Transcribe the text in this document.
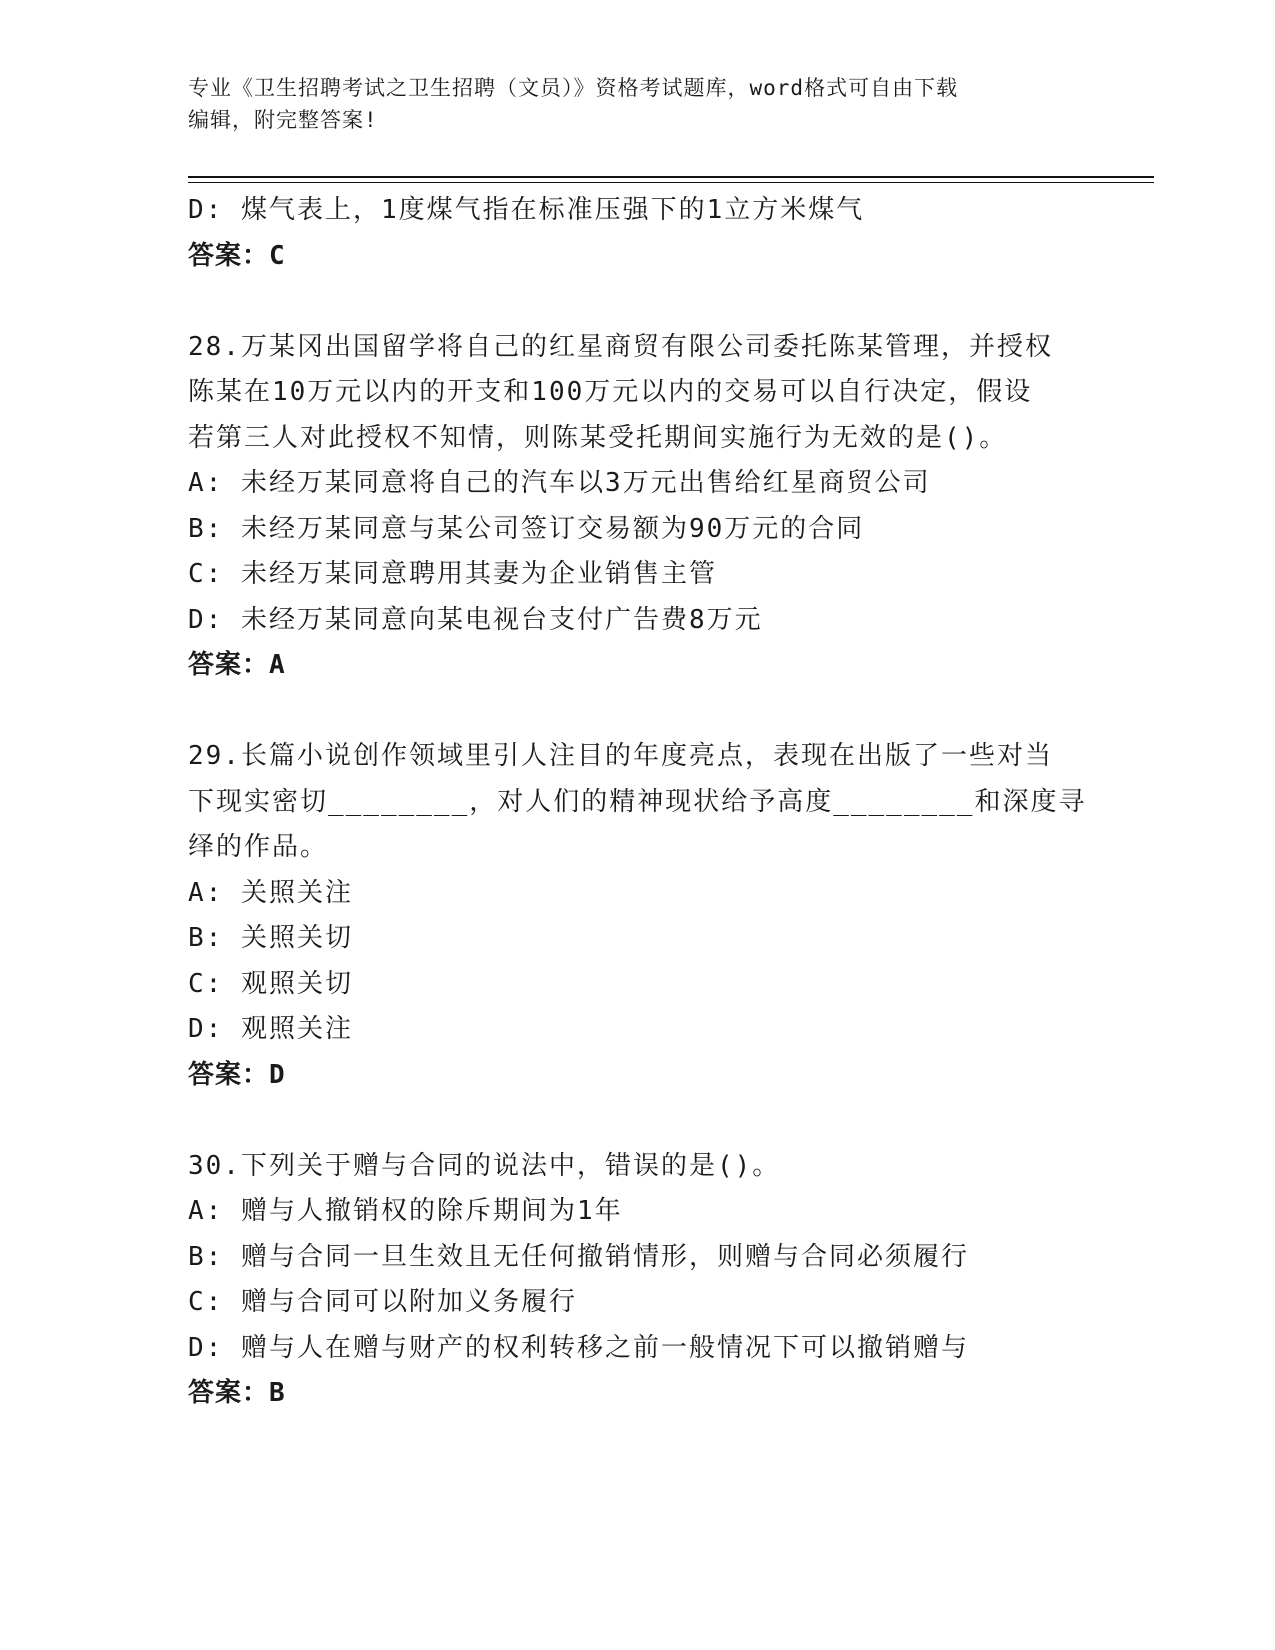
专业《卫生招聘考试之卫生招聘（文员）》资格考试题库，word格式可自由下载
编辑，附完整答案!
D: 煤气表上，1度煤气指在标准压强下的1立方米煤气
答案：C
28.万某冈出国留学将自己的红星商贸有限公司委托陈某管理，并授权
陈某在10万元以内的开支和100万元以内的交易可以自行决定，假设
若第三人对此授权不知情，则陈某受托期间实施行为无效的是()。
A: 未经万某同意将自己的汽车以3万元出售给红星商贸公司
B: 未经万某同意与某公司签订交易额为90万元的合同
C: 未经万某同意聘用其妻为企业销售主管
D: 未经万某同意向某电视台支付广告费8万元
答案：A
29.长篇小说创作领域里引人注目的年度亮点，表现在出版了一些对当
下现实密切________，对人们的精神现状给予高度________和深度寻
绎的作品。
A: 关照关注
B: 关照关切
C: 观照关切
D: 观照关注
答案：D
30.下列关于赠与合同的说法中，错误的是()。
A: 赠与人撤销权的除斥期间为1年
B: 赠与合同一旦生效且无任何撤销情形，则赠与合同必须履行
C: 赠与合同可以附加义务履行
D: 赠与人在赠与财产的权利转移之前一般情况下可以撤销赠与
答案：B
